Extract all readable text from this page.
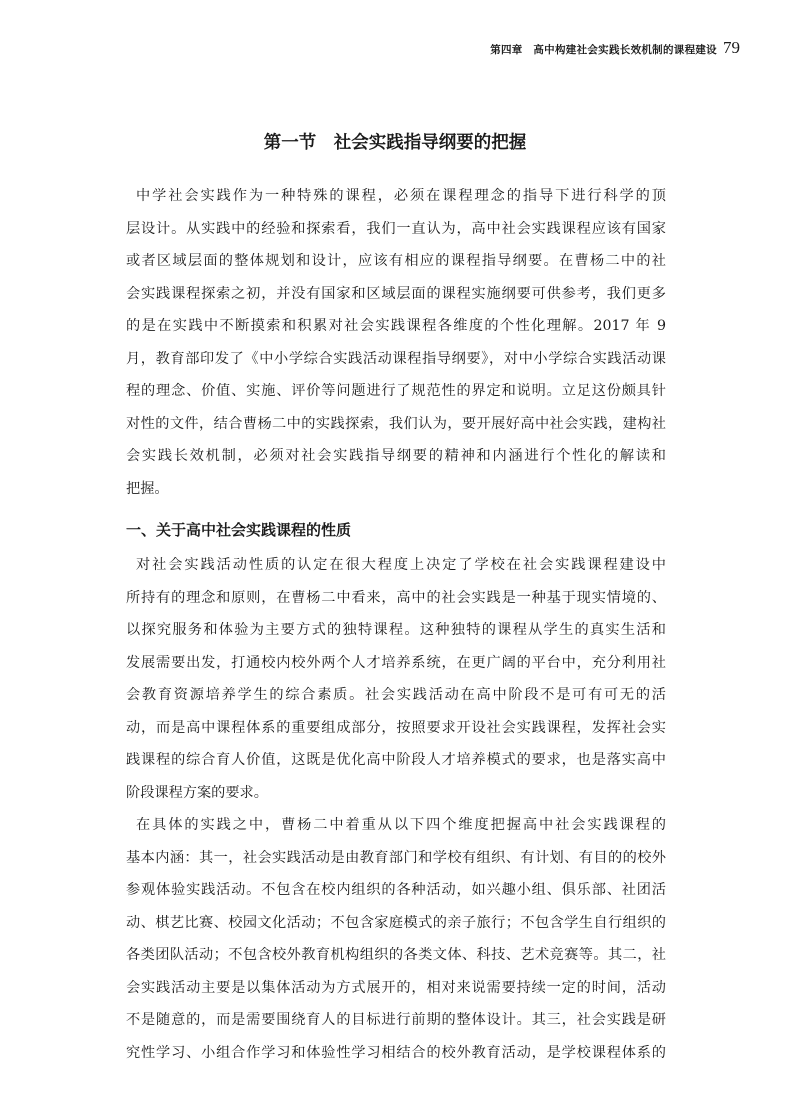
第四章　高中构建社会实践长效机制的课程建设 79
第一节　社会实践指导纲要的把握
中学社会实践作为一种特殊的课程，必须在课程理念的指导下进行科学的顶
层设计。从实践中的经验和探索看，我们一直认为，高中社会实践课程应该有国家
或者区域层面的整体规划和设计，应该有相应的课程指导纲要。在曹杨二中的社
会实践课程探索之初，并没有国家和区域层面的课程实施纲要可供参考，我们更多
的是在实践中不断摸索和积累对社会实践课程各维度的个性化理解。2017 年 9
月，教育部印发了《中小学综合实践活动课程指导纲要》，对中小学综合实践活动课
程的理念、价值、实施、评价等问题进行了规范性的界定和说明。立足这份颇具针
对性的文件，结合曹杨二中的实践探索，我们认为，要开展好高中社会实践，建构社
会实践长效机制，必须对社会实践指导纲要的精神和内涵进行个性化的解读和
把握。
一、关于高中社会实践课程的性质
对社会实践活动性质的认定在很大程度上决定了学校在社会实践课程建设中
所持有的理念和原则，在曹杨二中看来，高中的社会实践是一种基于现实情境的、
以探究服务和体验为主要方式的独特课程。这种独特的课程从学生的真实生活和
发展需要出发，打通校内校外两个人才培养系统，在更广阔的平台中，充分利用社
会教育资源培养学生的综合素质。社会实践活动在高中阶段不是可有可无的活
动，而是高中课程体系的重要组成部分，按照要求开设社会实践课程，发挥社会实
践课程的综合育人价值，这既是优化高中阶段人才培养模式的要求，也是落实高中
阶段课程方案的要求。
在具体的实践之中，曹杨二中着重从以下四个维度把握高中社会实践课程的
基本内涵：其一，社会实践活动是由教育部门和学校有组织、有计划、有目的的校外
参观体验实践活动。不包含在校内组织的各种活动，如兴趣小组、俱乐部、社团活
动、棋艺比赛、校园文化活动；不包含家庭模式的亲子旅行；不包含学生自行组织的
各类团队活动；不包含校外教育机构组织的各类文体、科技、艺术竞赛等。其二，社
会实践活动主要是以集体活动为方式展开的，相对来说需要持续一定的时间，活动
不是随意的，而是需要围绕育人的目标进行前期的整体设计。其三，社会实践是研
究性学习、小组合作学习和体验性学习相结合的校外教育活动，是学校课程体系的
